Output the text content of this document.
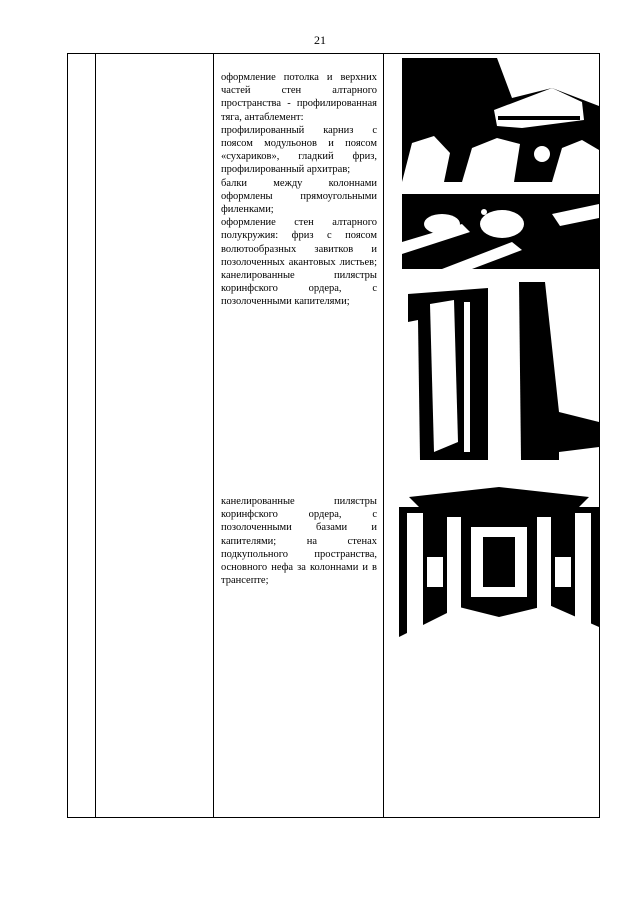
21

оформление потолка и верхних частей стен алтарного пространства - профилированная тяга, антаблемент:

профилированный карниз с поясом модульонов и поясом «сухариков», гладкий фриз, профилированный архитрав;

балки между колоннами оформлены прямоугольными филенками;

оформление стен алтарного полукружия: фриз с поясом волютообразных завитков и позолоченных акантовых листьев; канелированные пилястры коринфского ордера, с позолоченными капителями;

канелированные пилястры коринфского ордера, с позолоченными базами и капителями; на стенах подкупольного пространства, основного нефа за колоннами и в трансепте;
